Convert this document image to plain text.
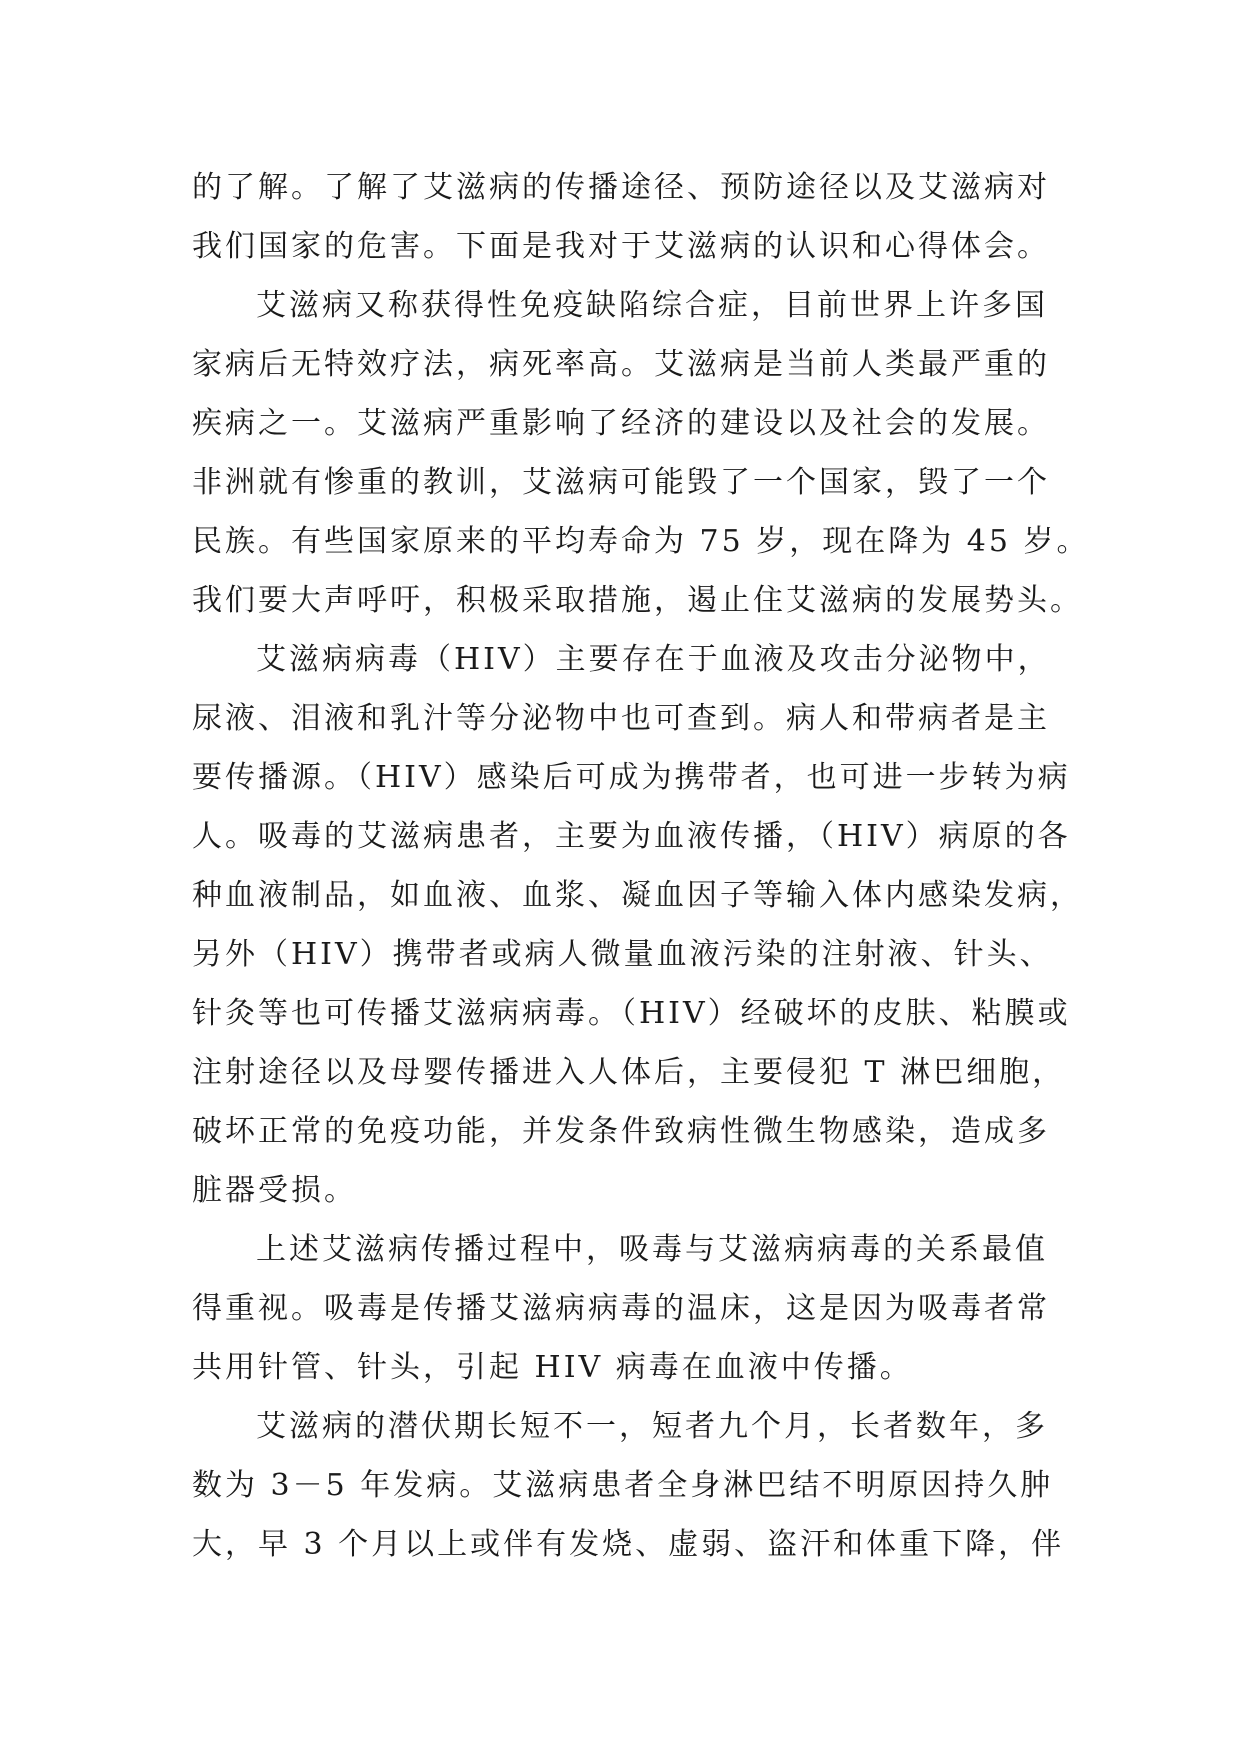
的了解。了解了艾滋病的传播途径、预防途径以及艾滋病对
我们国家的危害。下面是我对于艾滋病的认识和心得体会。
艾滋病又称获得性免疫缺陷综合症，目前世界上许多国
家病后无特效疗法，病死率高。艾滋病是当前人类最严重的
疾病之一。艾滋病严重影响了经济的建设以及社会的发展。
非洲就有惨重的教训，艾滋病可能毁了一个国家，毁了一个
民族。有些国家原来的平均寿命为 75 岁，现在降为 45 岁。
我们要大声呼吁，积极采取措施，遏止住艾滋病的发展势头。
艾滋病病毒（HIV）主要存在于血液及攻击分泌物中，
尿液、泪液和乳汁等分泌物中也可查到。病人和带病者是主
要传播源。（HIV）感染后可成为携带者，也可进一步转为病
人。吸毒的艾滋病患者，主要为血液传播，（HIV）病原的各
种血液制品，如血液、血浆、凝血因子等输入体内感染发病，
另外（HIV）携带者或病人微量血液污染的注射液、针头、
针灸等也可传播艾滋病病毒。（HIV）经破坏的皮肤、粘膜或
注射途径以及母婴传播进入人体后，主要侵犯 T 淋巴细胞，
破坏正常的免疫功能，并发条件致病性微生物感染，造成多
脏器受损。
上述艾滋病传播过程中，吸毒与艾滋病病毒的关系最值
得重视。吸毒是传播艾滋病病毒的温床，这是因为吸毒者常
共用针管、针头，引起 HIV 病毒在血液中传播。
艾滋病的潜伏期长短不一，短者九个月，长者数年，多
数为 3－5 年发病。艾滋病患者全身淋巴结不明原因持久肿
大，早 3 个月以上或伴有发烧、虚弱、盗汗和体重下降，伴
